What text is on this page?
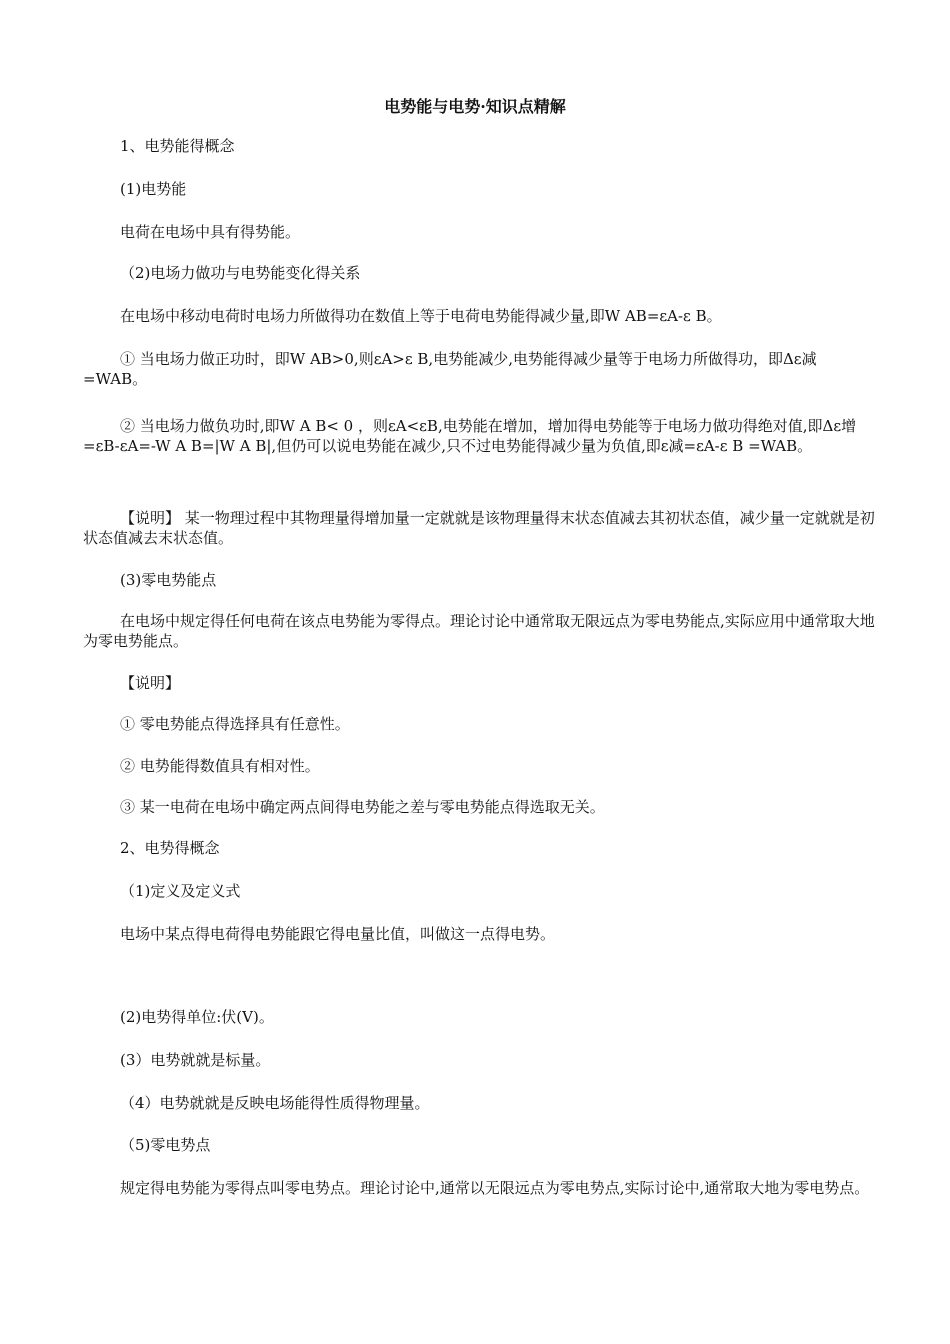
电势能与电势·知识点精解
1、电势能得概念
(1)电势能
电荷在电场中具有得势能。
（2)电场力做功与电势能变化得关系
在电场中移动电荷时电场力所做得功在数值上等于电荷电势能得减少量,即W AB=εA-ε B。
① 当电场力做正功时，即W AB>0,则εA>ε B,电势能减少,电势能得减少量等于电场力所做得功，即Δε减=WAB。
② 当电场力做负功时,即W A B< 0 ，则εA<εB,电势能在增加，增加得电势能等于电场力做功得绝对值,即Δε增=εB-εA=-W A B=|W A B|,但仍可以说电势能在减少,只不过电势能得减少量为负值,即ε减=εA-ε B =WAB。
【说明】 某一物理过程中其物理量得增加量一定就就是该物理量得末状态值减去其初状态值，减少量一定就就是初状态值减去末状态值。
(3)零电势能点
在电场中规定得任何电荷在该点电势能为零得点。理论讨论中通常取无限远点为零电势能点,实际应用中通常取大地为零电势能点。
【说明】
① 零电势能点得选择具有任意性。
② 电势能得数值具有相对性。
③ 某一电荷在电场中确定两点间得电势能之差与零电势能点得选取无关。
2、电势得概念
（1)定义及定义式
电场中某点得电荷得电势能跟它得电量比值，叫做这一点得电势。
(2)电势得单位:伏(V)。
(3）电势就就是标量。
（4）电势就就是反映电场能得性质得物理量。
（5)零电势点
规定得电势能为零得点叫零电势点。理论讨论中,通常以无限远点为零电势点,实际讨论中,通常取大地为零电势点。
